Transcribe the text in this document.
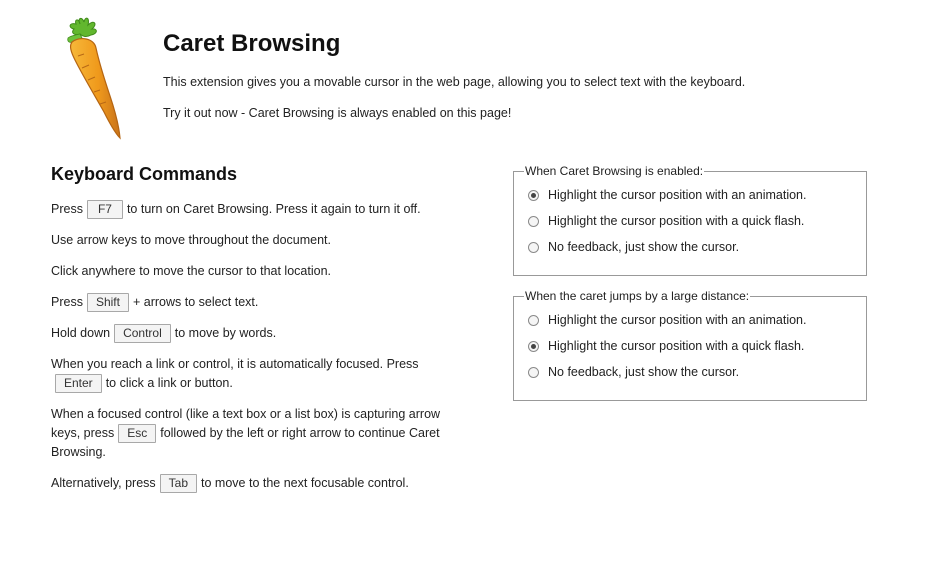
Caret Browsing

This extension gives you a movable cursor in the web page, allowing you to select text with the keyboard.

Try it out now - Caret Browsing is always enabled on this page!

Keyboard Commands

Press F7 to turn on Caret Browsing. Press it again to turn it off.

Use arrow keys to move throughout the document.

Click anywhere to move the cursor to that location.

Press Shift + arrows to select text.

Hold down Control to move by words.

When you reach a link or control, it is automatically focused. Press Enter to click a link or button.

When a focused control (like a text box or a list box) is capturing arrow keys, press Esc followed by the left or right arrow to continue Caret Browsing.

Alternatively, press Tab to move to the next focusable control.

When Caret Browsing is enabled:
Highlight the cursor position with an animation.
Highlight the cursor position with a quick flash.
No feedback, just show the cursor.
When the caret jumps by a large distance:
Highlight the cursor position with an animation.
Highlight the cursor position with a quick flash.
No feedback, just show the cursor.
